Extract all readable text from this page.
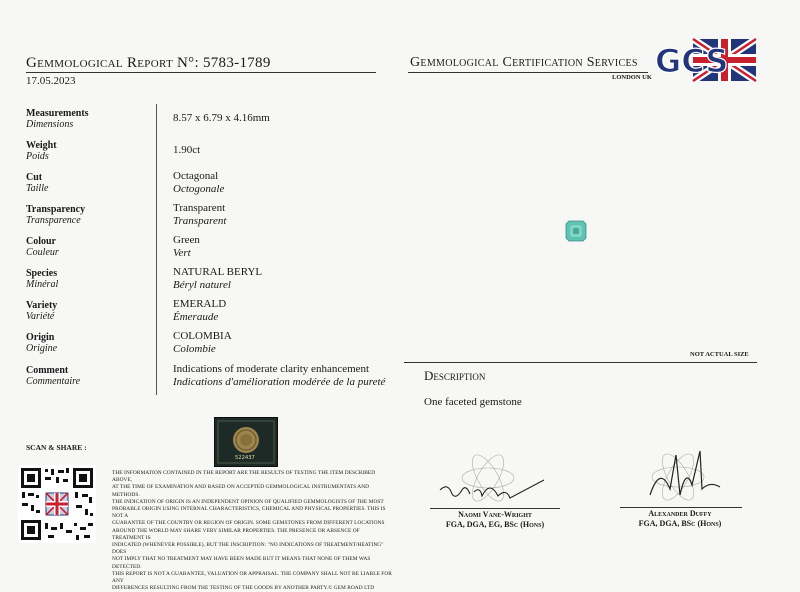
Gemmological Report N°: 5783-1789
17.05.2023
Gemmological Certification Services
LONDON UK GCS
Measurements
Dimensions
8.57 x 6.79 x 4.16mm
Weight
Poids
1.90ct
Cut
Taille
Octagonal
Octogonale
Transparency
Transparence
Transparent
Transparent
Colour
Couleur
Green
Vert
Species
Minéral
NATURAL BERYL
Béryl naturel
Variety
Variété
EMERALD
Émeraude
Origin
Origine
COLOMBIA
Colombie
Comment
Commentaire
Indications of moderate clarity enhancement
Indications d'amélioration modérée de la pureté
NOT ACTUAL SIZE
Description
One faceted gemstone
SCAN & SHARE :
522437
THE INFORMATION CONTAINED IN THE REPORT ARE THE RESULTS OF TESTING THE ITEM DESCRIBED ABOVE,
AT THE TIME OF EXAMINATION AND BASED ON ACCEPTED GEMMOLOGICAL INSTRUMENTATS AND METHODS.
THE INDICATION OF ORIGIN IS AN INDEPENDENT OPINION OF QUALIFIED GEMMOLOGISTS OF THE MOST
PROBABLE ORIGIN USING INTERNAL CHARACTERISTICS, CHEMICAL AND PHYSICAL PROPERTIES. THIS IS NOT A
GUARANTEE OF THE COUNTRY OR REGION OF ORIGIN. SOME GEMSTONES FROM DIFFERENT LOCATIONS
AROUND THE WORLD MAY SHARE VERY SIMILAR PROPERTIES. THE PRESENCE OR ABSENCE OF TREATMENT IS
INDICATED (WHENEVER POSSIBLE), BUT THE INSCRIPTION: "NO INDICATIONS OF TREATMENT/HEATING" DOES
NOT IMPLY THAT NO TREATMENT MAY HAVE BEEN MADE BUT IT MEANS THAT NONE OF THEM WAS DETECTED.
THIS REPORT IS NOT A GUARANTEE, VALUATION OR APPRAISAL. THE COMPANY SHALL NOT BE LIABLE FOR ANY
DIFFERENCES RESULTING FROM THE TESTING OF THE GOODS BY ANOTHER PARTY.© GEM ROAD LTD
Naomi Vane-Wright
FGA, DGA, EG, BSc (Hons)
Alexander Duffy
FGA, DGA, BSc (Hons)
